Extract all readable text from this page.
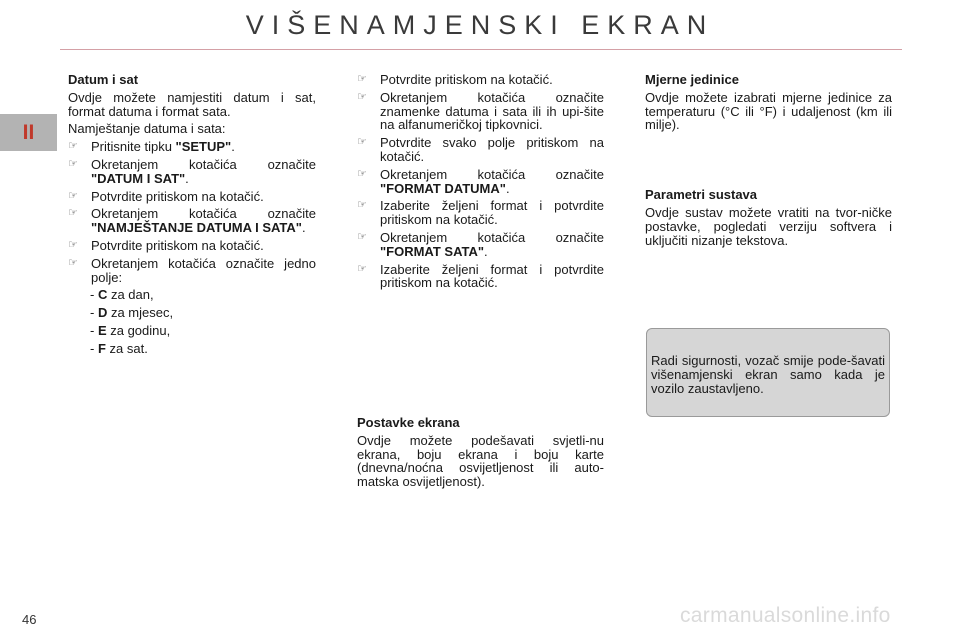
VIŠENAMJENSKI EKRAN
II

Datum i sat

Ovdje možete namjestiti datum i sat, format datuma i format sata.

Namještanje datuma i sata:

☞ Pritisnite tipku "SETUP".
☞ Okretanjem kotačića označite "DATUM I SAT".
☞ Potvrdite pritiskom na kotačić.
☞ Okretanjem kotačića označite "NAMJEŠTANJE DATUMA I SATA".
☞ Potvrdite pritiskom na kotačić.
☞ Okretanjem kotačića označite jedno polje:
- C za dan,
- D za mjesec,
- E za godinu,
- F za sat.
☞ Potvrdite pritiskom na kotačić.
☞ Okretanjem kotačića označite znamenke datuma i sata ili ih upi-šite na alfanumeričkoj tipkovnici.
☞ Potvrdite svako polje pritiskom na kotačić.
☞ Okretanjem kotačića označite "FORMAT DATUMA".
☞ Izaberite željeni format i potvrdite pritiskom na kotačić.
☞ Okretanjem kotačića označite "FORMAT SATA".
☞ Izaberite željeni format i potvrdite pritiskom na kotačić.

Postavke ekrana

Ovdje možete podešavati svjetli-nu ekrana, boju ekrana i boju karte (dnevna/noćna osvijetljenost ili auto-matska osvijetljenost).

Mjerne jedinice

Ovdje možete izabrati mjerne jedinice za temperaturu (°C ili °F) i udaljenost (km ili milje).

Parametri sustava

Ovdje sustav možete vratiti na tvor-ničke postavke, pogledati verziju softvera i uključiti nizanje tekstova.

Radi sigurnosti, vozač smije pode-šavati višenamjenski ekran samo kada je vozilo zaustavljeno.
46	carmanualsonline.info
